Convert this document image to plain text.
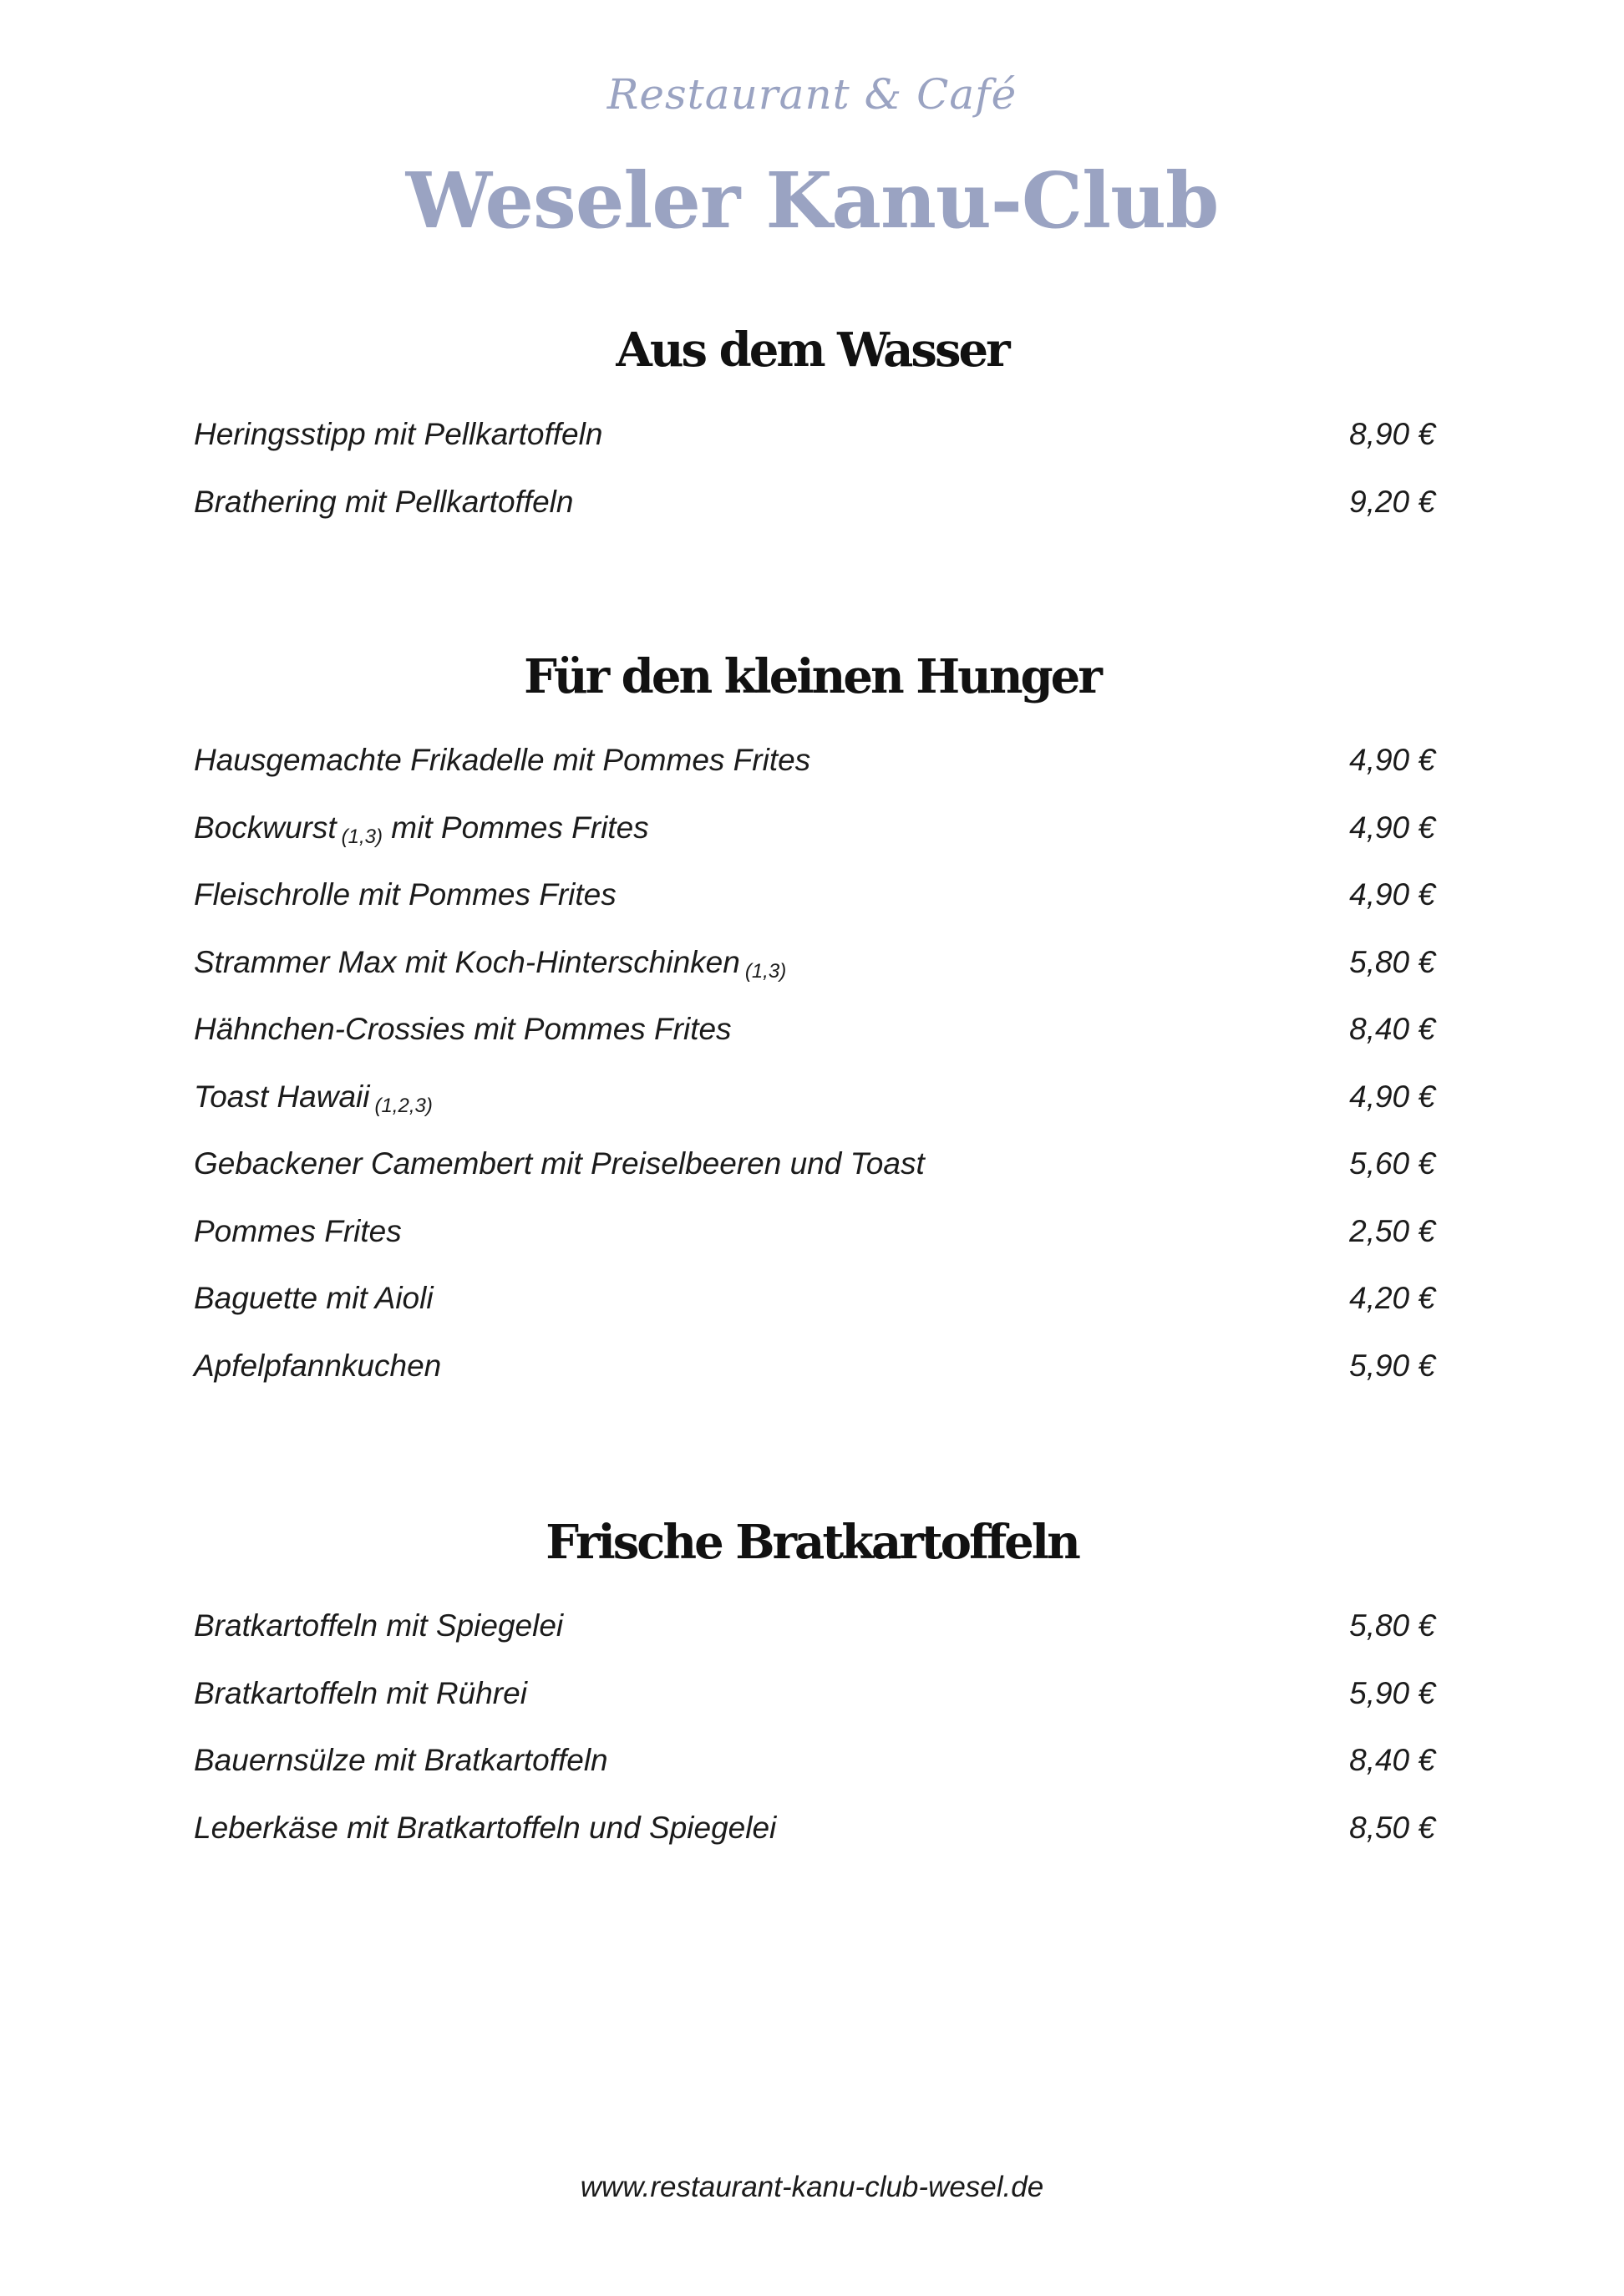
Restaurant & Café
Weseler Kanu-Club
Aus dem Wasser
Heringsstipp mit Pellkartoffeln	8,90 €
Brathering mit Pellkartoffeln	9,20 €
Für den kleinen Hunger
Hausgemachte Frikadelle mit Pommes Frites	4,90 €
Bockwurst (1,3) mit Pommes Frites	4,90 €
Fleischrolle mit Pommes Frites	4,90 €
Strammer Max mit Koch-Hinterschinken (1,3)	5,80 €
Hähnchen-Crossies mit Pommes Frites	8,40 €
Toast Hawaii (1,2,3)	4,90 €
Gebackener Camembert mit Preiselbeeren und Toast	5,60 €
Pommes Frites	2,50 €
Baguette mit Aioli	4,20 €
Apfelpfannkuchen	5,90 €
Frische Bratkartoffeln
Bratkartoffeln mit Spiegelei	5,80 €
Bratkartoffeln mit Rührei	5,90 €
Bauernsülze mit Bratkartoffeln	8,40 €
Leberkäse mit Bratkartoffeln und Spiegelei	8,50 €
www.restaurant-kanu-club-wesel.de
